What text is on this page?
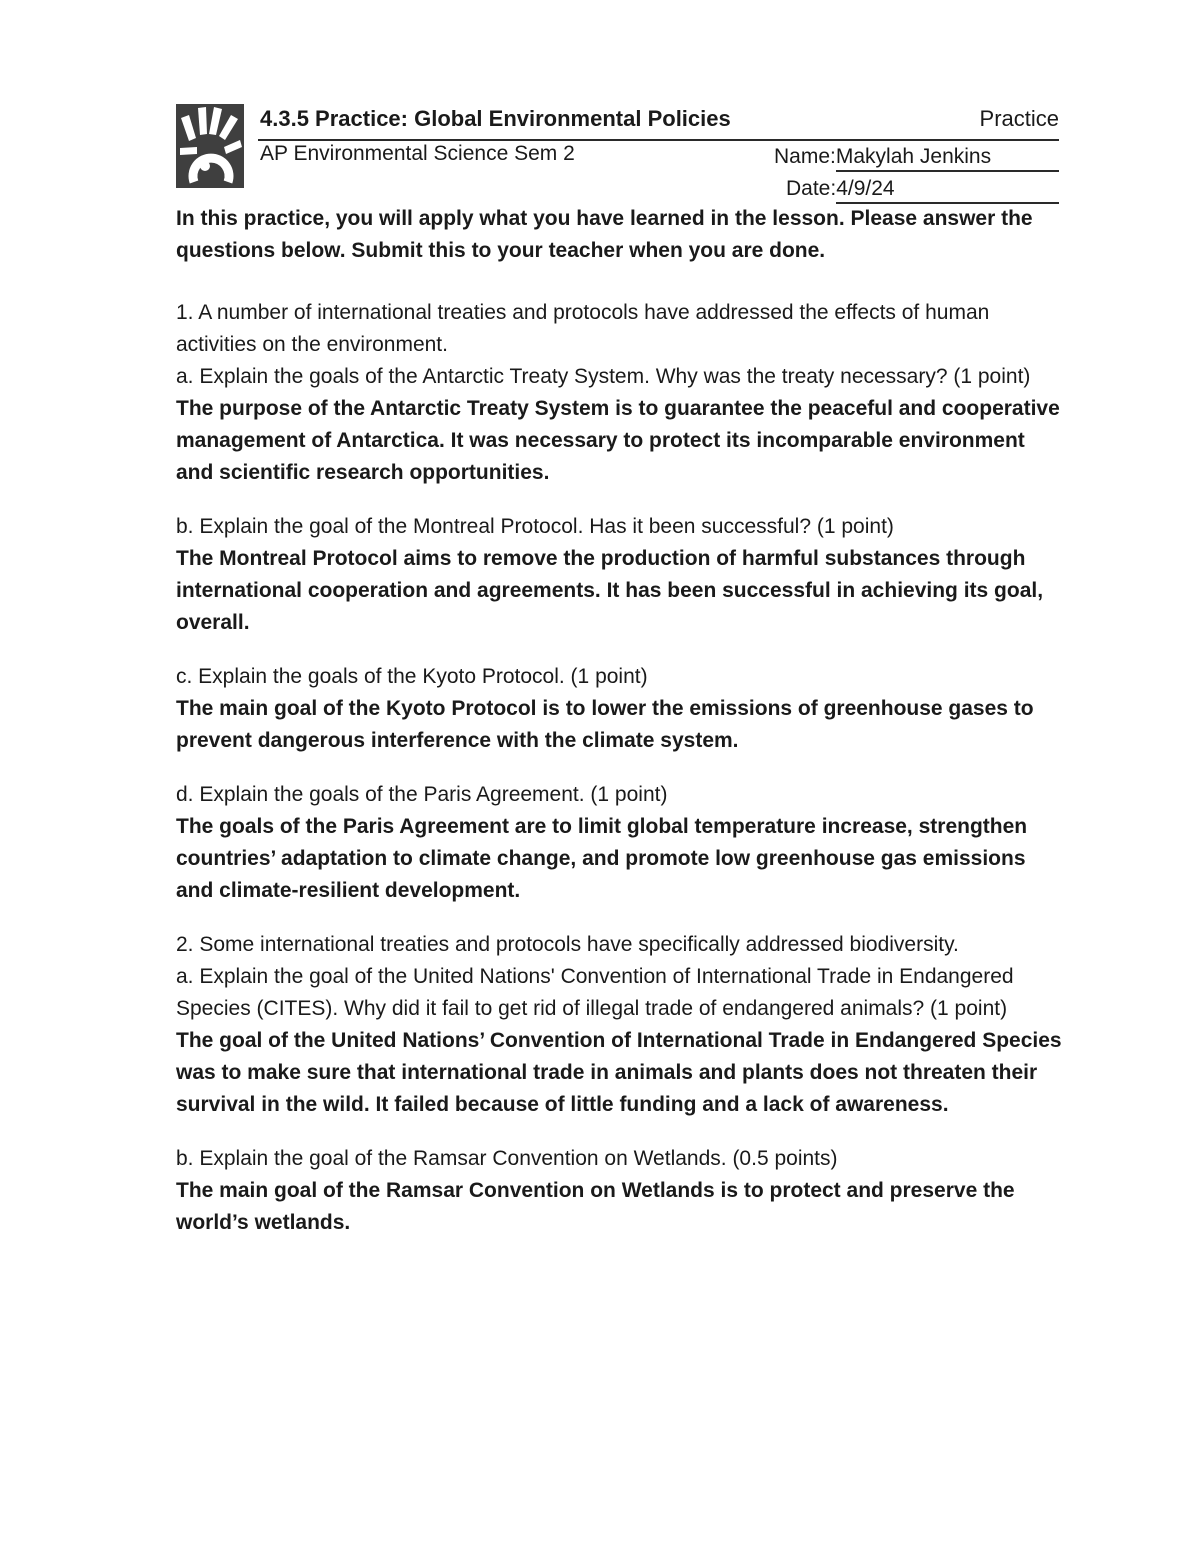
4.3.5 Practice: Global Environmental Policies	Practice
AP Environmental Science Sem 2	Name:Makylah Jenkins
Date:4/9/24

In this practice, you will apply what you have learned in the lesson. Please answer the questions below. Submit this to your teacher when you are done.

1. A number of international treaties and protocols have addressed the effects of human activities on the environment.

a. Explain the goals of the Antarctic Treaty System. Why was the treaty necessary? (1 point)

The purpose of the Antarctic Treaty System is to guarantee the peaceful and cooperative management of Antarctica. It was necessary to protect its incomparable environment and scientific research opportunities.

b. Explain the goal of the Montreal Protocol. Has it been successful? (1 point)

The Montreal Protocol aims to remove the production of harmful substances through international cooperation and agreements. It has been successful in achieving its goal, overall.

c. Explain the goals of the Kyoto Protocol. (1 point)

The main goal of the Kyoto Protocol is to lower the emissions of greenhouse gases to prevent dangerous interference with the climate system.

d. Explain the goals of the Paris Agreement. (1 point)

The goals of the Paris Agreement are to limit global temperature increase, strengthen countries’ adaptation to climate change, and promote low greenhouse gas emissions and climate-resilient development.

2. Some international treaties and protocols have specifically addressed biodiversity.

a. Explain the goal of the United Nations' Convention of International Trade in Endangered Species (CITES). Why did it fail to get rid of illegal trade of endangered animals? (1 point)

The goal of the United Nations’ Convention of International Trade in Endangered Species was to make sure that international trade in animals and plants does not threaten their survival in the wild. It failed because of little funding and a lack of awareness.

b. Explain the goal of the Ramsar Convention on Wetlands. (0.5 points)

The main goal of the Ramsar Convention on Wetlands is to protect and preserve the world’s wetlands.
